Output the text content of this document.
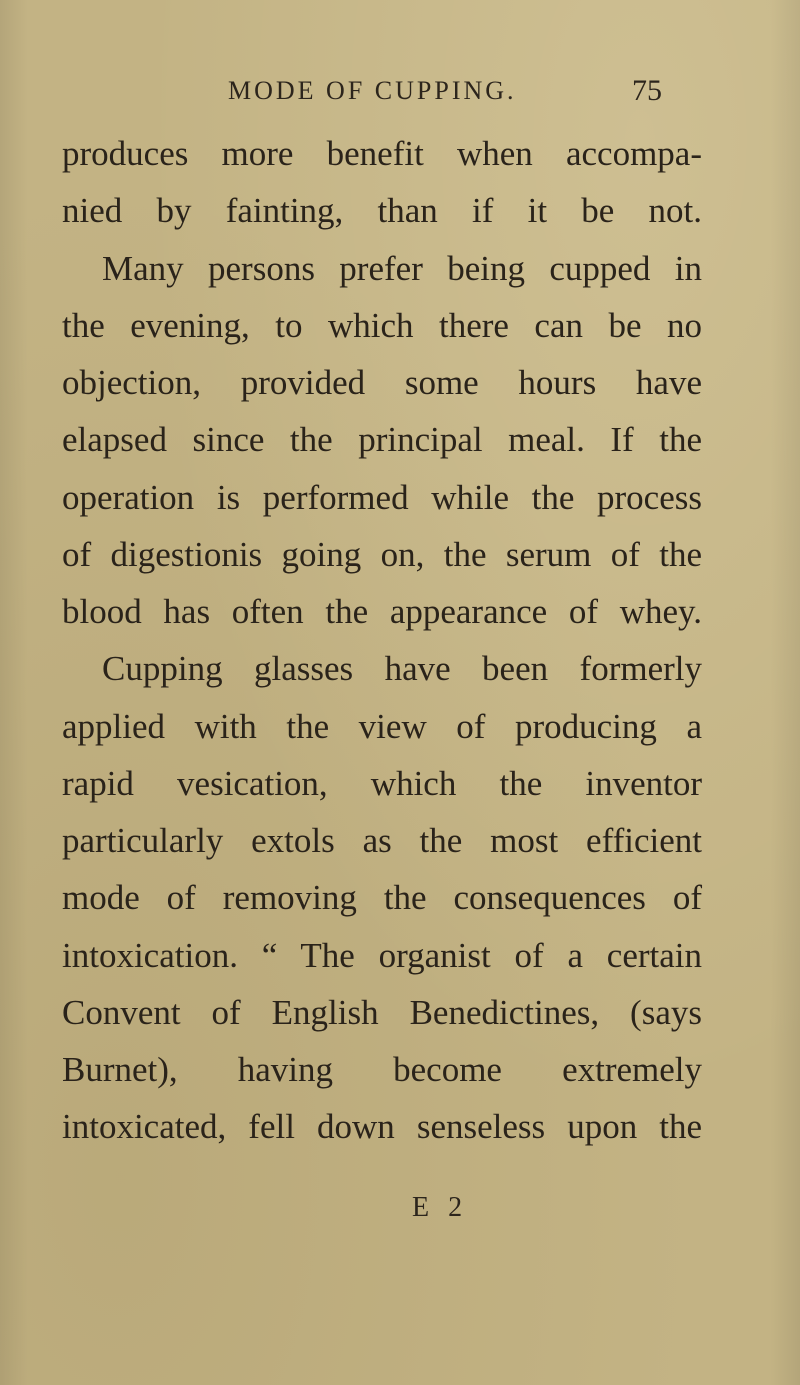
MODE OF CUPPING.	75
produces more benefit when accompa-
nied by fainting, than if it be not.
Many persons prefer being cupped in
the evening, to which there can be no
objection, provided some hours have
elapsed since the principal meal. If the
operation is performed while the process
of digestionis going on, the serum of the
blood has often the appearance of whey.
Cupping glasses have been formerly
applied with the view of producing a
rapid vesication, which the inventor
particularly extols as the most efficient
mode of removing the consequences of
intoxication. “ The organist of a certain
Convent of English Benedictines, (says
Burnet), having become extremely
intoxicated, fell down senseless upon the
E 2
